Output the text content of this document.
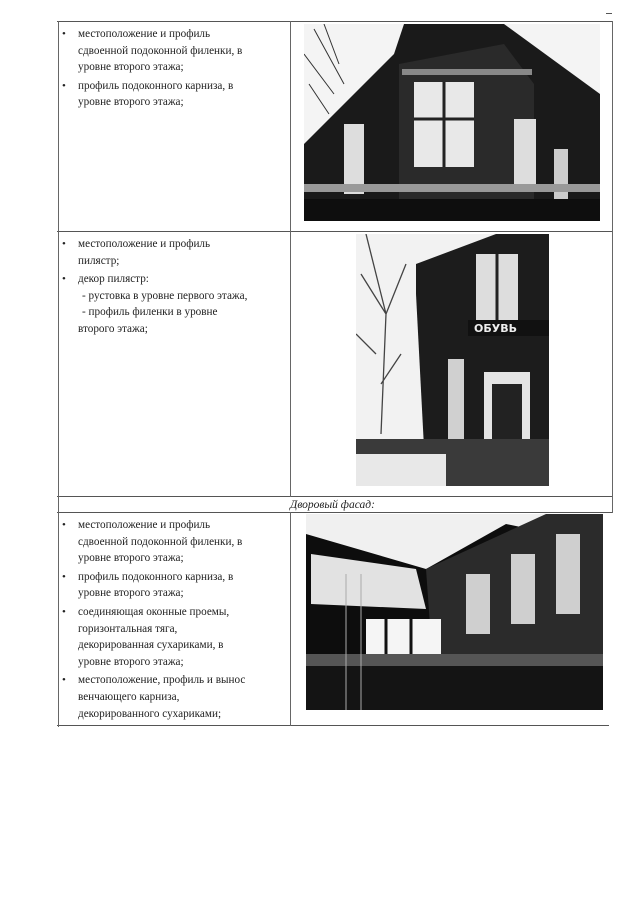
• местоположение и профиль
сдвоенной подоконной филенки, в
уровне второго этажа;
• профиль подоконного карниза, в
уровне второго этажа;
• местоположение и профиль
пилястр;
• декор пилястр:
- рустовка в уровне первого этажа,
- профиль филенки в уровне
второго этажа;	ОБУВЬ
Дворовый фасад:
• местоположение и профиль
сдвоенной подоконной филенки, в
уровне второго этажа;
• профиль подоконного карниза, в
уровне второго этажа;
• соединяющая оконные проемы,
горизонтальная тяга,
декорированная сухариками, в
уровне второго этажа;
• местоположение, профиль и вынос
венчающего карниза,
декорированного сухариками;
